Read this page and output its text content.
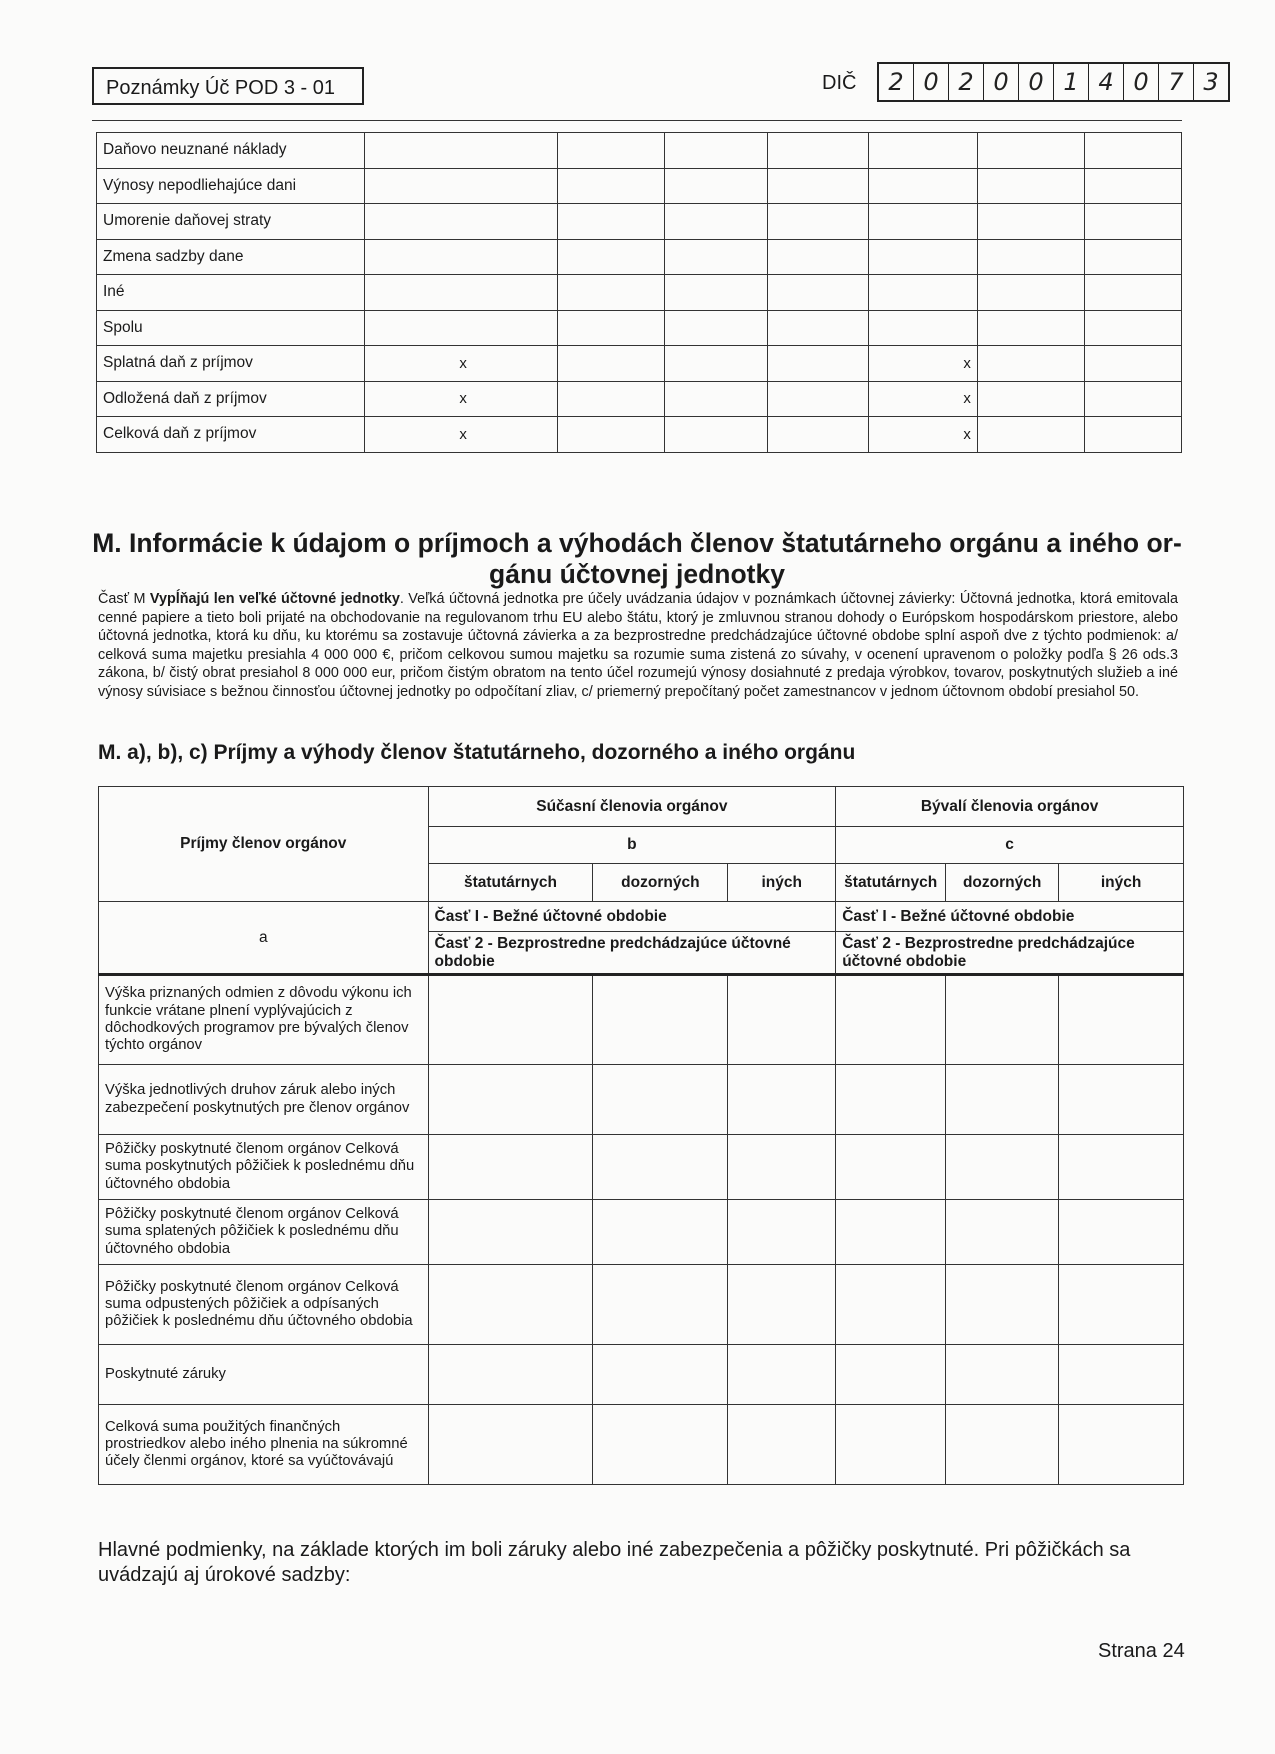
Poznámky Úč POD 3 - 01	DIČ	2 0 2 0 0 1 4 0 7 3
Daňovo neuznané náklady							
Výnosy nepodliehajúce dani							
Umorenie daňovej straty							
Zmena sadzby dane							
Iné							
Spolu							
Splatná daň z príjmov	x				x		
Odložená daň z príjmov	x				x		
Celková daň z príjmov	x				x		
M. Informácie k údajom o príjmoch a výhodách členov štatutárneho orgánu a iného or-
gánu účtovnej jednotky
Časť M Vypĺňajú len veľké účtovné jednotky. Veľká účtovná jednotka pre účely uvádzania údajov v poznámkach účtovnej závierky: Účtovná jednotka, ktorá emitovala cenné papiere a tieto boli prijaté na obchodovanie na regulovanom trhu EU alebo štátu, ktorý je zmluvnou stranou dohody o Európskom hospodárskom priestore, alebo účtovná jednotka, ktorá ku dňu, ku ktorému sa zostavuje účtovná závierka a za bezprostredne predchádzajúce účtovné obdobe splní aspoň dve z týchto podmienok: a/ celková suma majetku presiahla 4 000 000 €, pričom celkovou sumou majetku sa rozumie suma zistená zo súvahy, v ocenení upravenom o položky podľa § 26 ods.3 zákona, b/ čistý obrat presiahol 8 000 000 eur, pričom čistým obratom na tento účel rozumejú výnosy dosiahnuté z predaja výrobkov, tovarov, poskytnutých služieb a iné výnosy súvisiace s bežnou činnosťou účtovnej jednotky po odpočítaní zliav, c/ priemerný prepočítaný počet zamestnancov v jednom účtovnom období presiahol 50.
M. a), b), c) Príjmy a výhody členov štatutárneho, dozorného a iného orgánu
Príjmy členov orgánov	Súčasní členovia orgánov			Bývalí členovia orgánov		
	b			c		
	štatutárnych	dozorných	iných	štatutárnych	dozorných	iných
a	Časť I - Bežné účtovné obdobie			Časť I - Bežné účtovné obdobie		
	Časť 2 - Bezprostredne predchádzajúce účtovné obdobie			Časť 2 - Bezprostredne predchádzajúce účtovné obdobie		
Výška priznaných odmien z dôvodu výkonu ich funkcie vrátane plnení vyplývajúcich z dôchodkových programov pre bývalých členov týchto orgánov						
Výška jednotlivých druhov záruk alebo iných zabezpečení poskytnutých pre členov orgánov						
Pôžičky poskytnuté členom orgánov Celková suma poskytnutých pôžičiek k poslednému dňu účtovného obdobia						
Pôžičky poskytnuté členom orgánov Celková suma splatených pôžičiek k poslednému dňu účtovného obdobia						
Pôžičky poskytnuté členom orgánov Celková suma odpustených pôžičiek a odpísaných pôžičiek k poslednému dňu účtovného obdobia						
Poskytnuté záruky						
Celková suma použitých finančných prostriedkov alebo iného plnenia na súkromné účely členmi orgánov, ktoré sa vyúčtovávajú						
Hlavné podmienky, na základe ktorých im boli záruky alebo iné zabezpečenia a pôžičky poskytnuté. Pri pôžičkách sa uvádzajú aj úrokové sadzby:
Strana 24
